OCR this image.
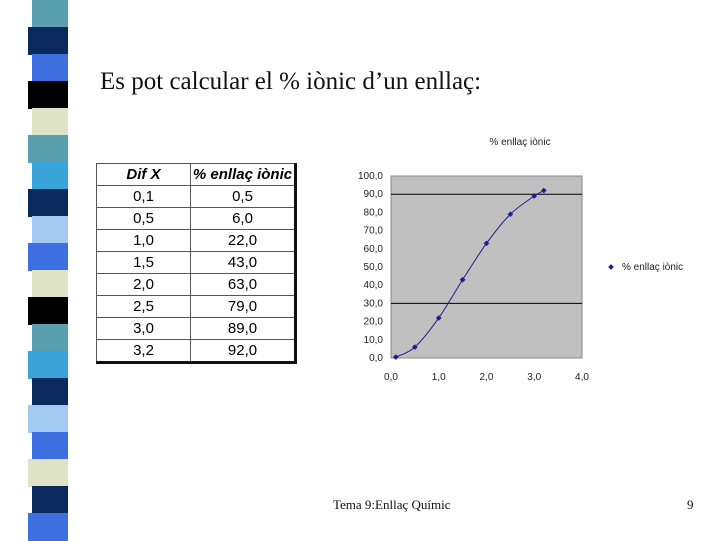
Es pot calcular el % iònic d’un enllaç:
Dif X	% enllaç iònic
0,1	0,5
0,5	6,0
1,0	22,0
1,5	43,0
2,0	63,0
2,5	79,0
3,0	89,0
3,2	92,0
% enllaç iònic
0,0
10,0
20,0
30,0
40,0
50,0
60,0
70,0
80,0
90,0
100,0
0,0	1,0	2,0	3,0	4,0
% enllaç iònic
Tema 9:Enllaç Químic	9
